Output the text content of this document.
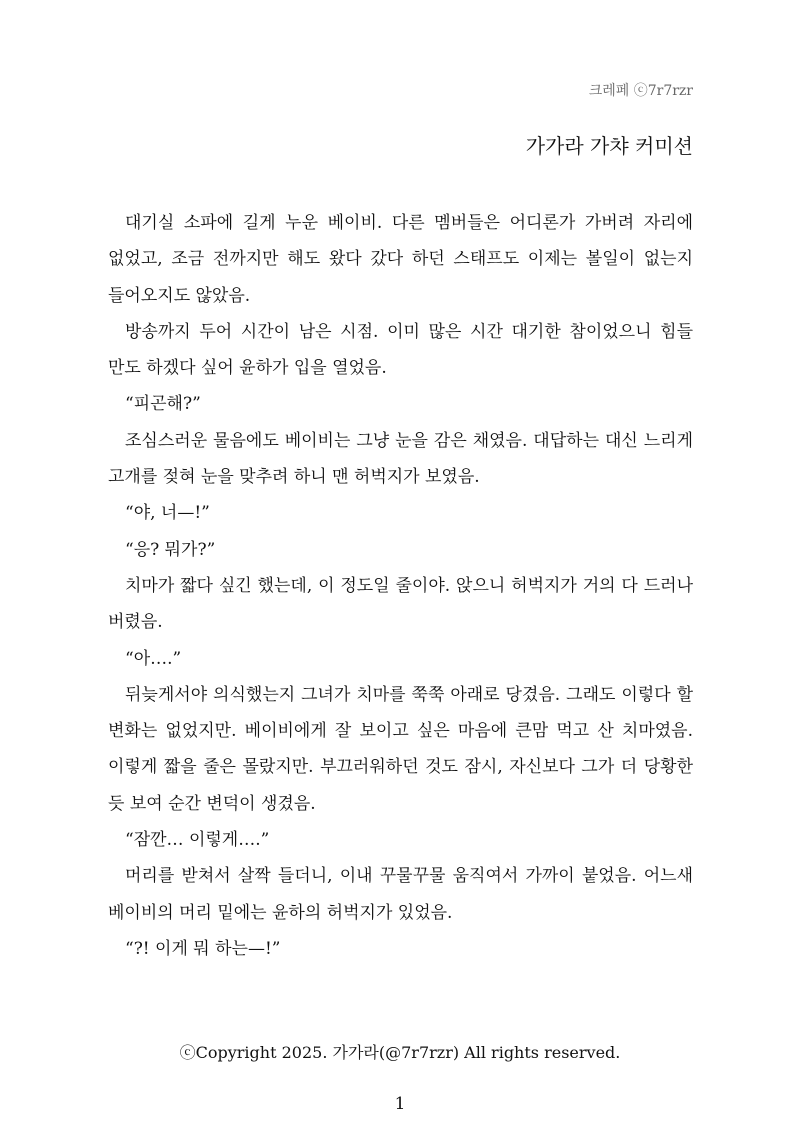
크레페 ⓒ7r7rzr
가가라 가챠 커미션

대기실 소파에 길게 누운 베이비. 다른 멤버들은 어디론가 가버려 자리에 없었고, 조금 전까지만 해도 왔다 갔다 하던 스태프도 이제는 볼일이 없는지 들어오지도 않았음.

방송까지 두어 시간이 남은 시점. 이미 많은 시간 대기한 참이었으니 힘들 만도 하겠다 싶어 윤하가 입을 열었음.

“피곤해?”

조심스러운 물음에도 베이비는 그냥 눈을 감은 채였음. 대답하는 대신 느리게 고개를 젖혀 눈을 맞추려 하니 맨 허벅지가 보였음.

“야, 너—!”

“응? 뭐가?”

치마가 짧다 싶긴 했는데, 이 정도일 줄이야. 앉으니 허벅지가 거의 다 드러나 버렸음.

“아….”

뒤늦게서야 의식했는지 그녀가 치마를 쭉쭉 아래로 당겼음. 그래도 이렇다 할 변화는 없었지만. 베이비에게 잘 보이고 싶은 마음에 큰맘 먹고 산 치마였음. 이렇게 짧을 줄은 몰랐지만. 부끄러워하던 것도 잠시, 자신보다 그가 더 당황한 듯 보여 순간 변덕이 생겼음.

“잠깐… 이렇게….”

머리를 받쳐서 살짝 들더니, 이내 꾸물꾸물 움직여서 가까이 붙었음. 어느새 베이비의 머리 밑에는 윤하의 허벅지가 있었음.

“?! 이게 뭐 하는—!”

ⓒCopyright 2025. 가가라(@7r7rzr) All rights reserved.
1
